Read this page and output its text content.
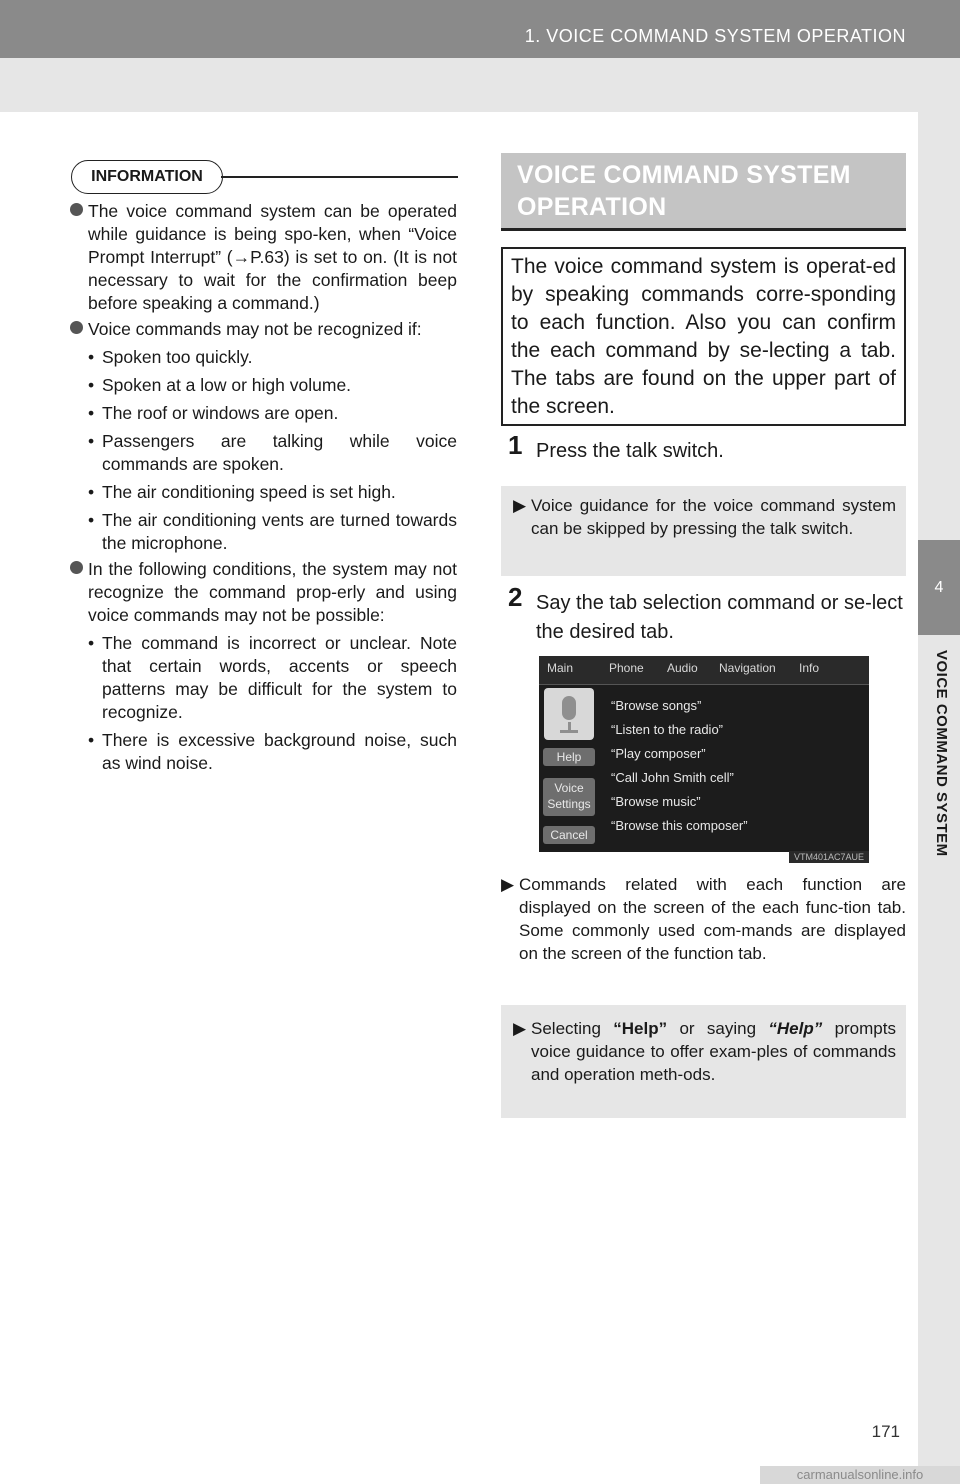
1. VOICE COMMAND SYSTEM OPERATION
4
VOICE COMMAND SYSTEM
INFORMATION
The voice command system can be operated while guidance is being spo-ken, when “Voice Prompt Interrupt” (→P.63) is set to on. (It is not necessary to wait for the confirmation beep before speaking a command.)
Voice commands may not be recognized if:
• Spoken too quickly.
• Spoken at a low or high volume.
• The roof or windows are open.
• Passengers are talking while voice commands are spoken.
• The air conditioning speed is set high.
• The air conditioning vents are turned towards the microphone.
In the following conditions, the system may not recognize the command prop-erly and using voice commands may not be possible:
• The command is incorrect or unclear. Note that certain words, accents or speech patterns may be difficult for the system to recognize.
• There is excessive background noise, such as wind noise.
VOICE COMMAND SYSTEM
OPERATION
The voice command system is operat-ed by speaking commands corre-sponding to each function. Also you can confirm the each command by se-lecting a tab. The tabs are found on the upper part of the screen.
1 Press the talk switch.
▶ Voice guidance for the voice command system can be skipped by pressing the talk switch.
2 Say the tab selection command or se-lect the desired tab.
Main	Phone Audio Navigation Info
Help
Voice Settings
Cancel
“Browse songs”
“Listen to the radio”
“Play composer”
“Call John Smith cell”
“Browse music”
“Browse this composer”
VTM401AC7AUE
▶ Commands related with each function are displayed on the screen of the each func-tion tab. Some commonly used com-mands are displayed on the screen of the function tab.
▶ Selecting “Help” or saying “Help” prompts voice guidance to offer exam-ples of commands and operation meth-ods.
171
carmanualsonline.info
